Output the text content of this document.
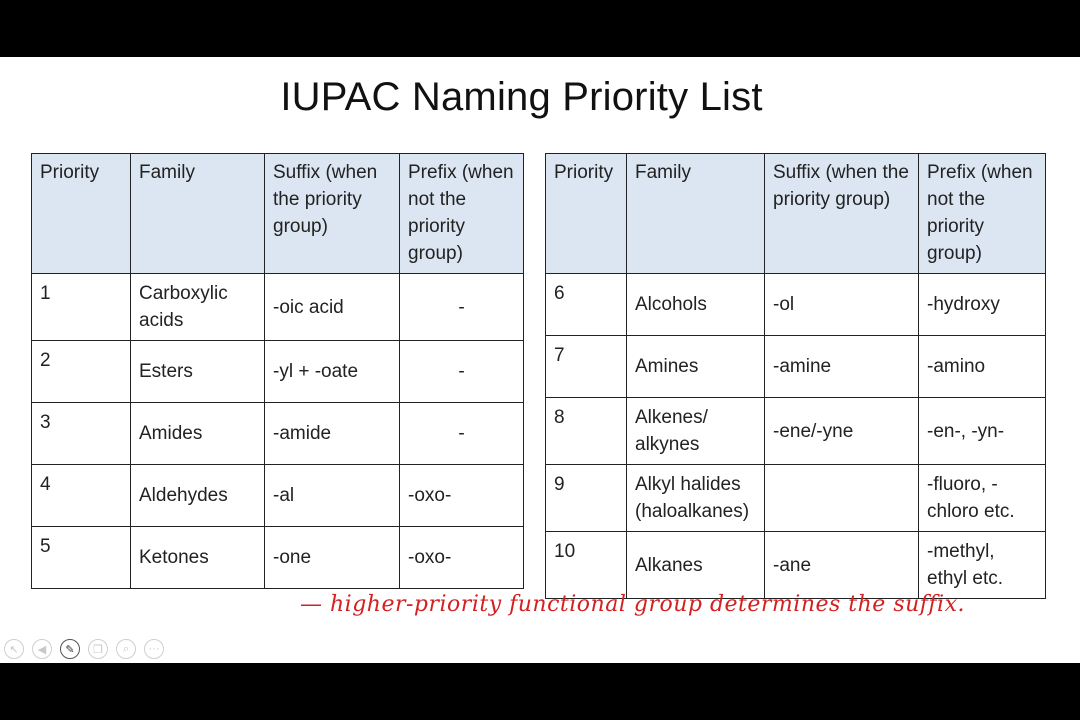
IUPAC Naming Priority List
Priority	Family	Suffix (when the priority group)	Prefix (when not the priority group)
1	Carboxylic acids	-oic acid	-
2	Esters	-yl + -oate	-
3	Amides	-amide	-
4	Aldehydes	-al	-oxo-
5	Ketones	-one	-oxo-
Priority	Family	Suffix (when the priority group)	Prefix (when not the priority group)
6	Alcohols	-ol	-hydroxy
7	Amines	-amine	-amino
8	Alkenes/ alkynes	-ene/-yne	-en-, -yn-
9	Alkyl halides (haloalkanes)		-fluoro, -chloro etc.
10	Alkanes	-ane	-methyl, ethyl etc.
— higher-priority functional group determines the suffix.
↖	◀	✎	❐	⌕	···
